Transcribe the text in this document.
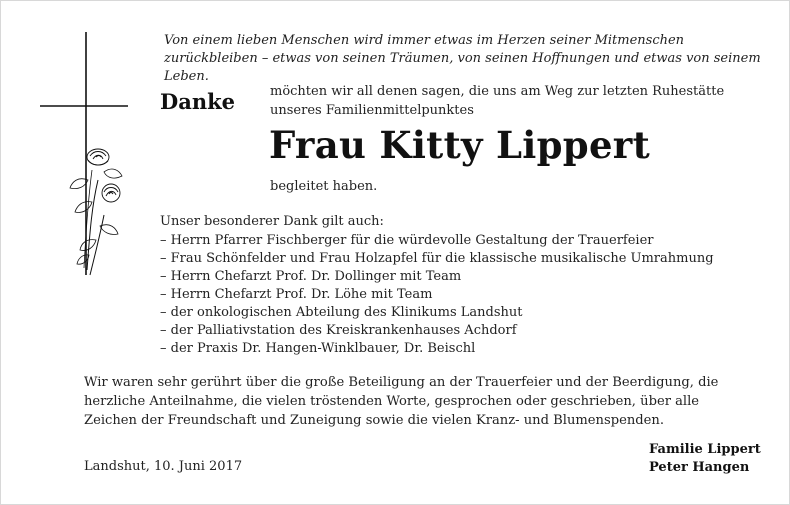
Von einem lieben Menschen wird immer etwas im Herzen seiner Mitmenschen zurückbleiben – etwas von seinen Träumen, von seinen Hoffnungen und etwas von seinem Leben.
Danke	möchten wir all denen sagen, die uns am Weg zur letzten Ruhestätte unseres Familienmittelpunktes
Frau Kitty Lippert
begleitet haben.
Unser besonderer Dank gilt auch:
– Herrn Pfarrer Fischberger für die würdevolle Gestaltung der Trauerfeier
– Frau Schönfelder und Frau Holzapfel für die klassische musikalische Umrahmung
– Herrn Chefarzt Prof. Dr. Dollinger mit Team
– Herrn Chefarzt Prof. Dr. Löhe mit Team
– der onkologischen Abteilung des Klinikums Landshut
– der Palliativstation des Kreiskrankenhauses Achdorf
– der Praxis Dr. Hangen-Winklbauer, Dr. Beischl
Wir waren sehr gerührt über die große Beteiligung an der Trauerfeier und der Beerdigung, die herzliche Anteilnahme, die vielen tröstenden Worte, gesprochen oder geschrieben, über alle Zeichen der Freundschaft und Zuneigung sowie die vielen Kranz- und Blumenspenden.
Landshut, 10. Juni 2017
Familie Lippert
Peter Hangen
